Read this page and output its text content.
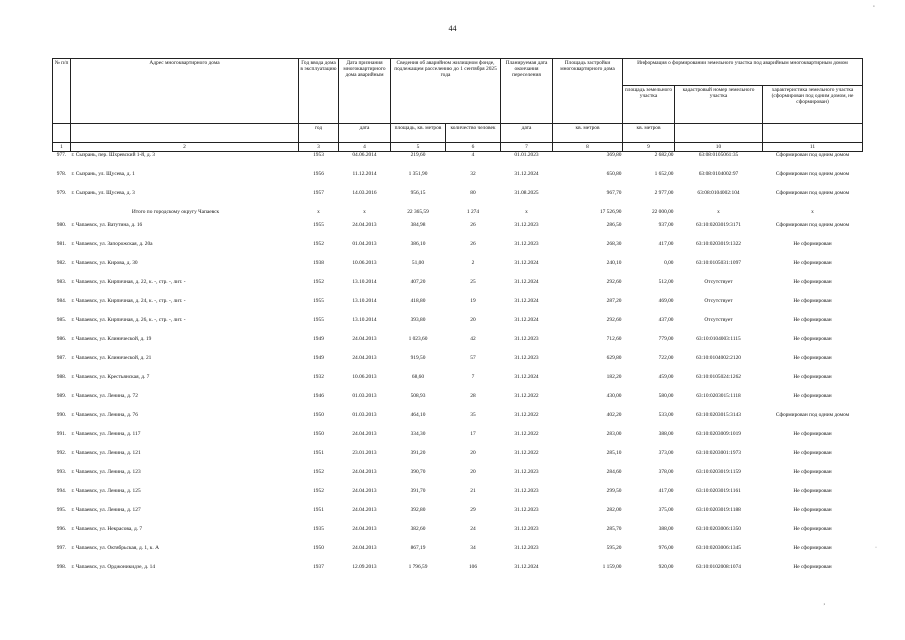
44
◦
·
,
№ п/п	Адрес многоквартирного дома	Год ввода дома в эксплуатацию	Дата признания многоквартирного дома аварийным	Сведения об аварийном жилищном фонде, подлежащем расселению до 1 сентября 2025 года		Планируемая дата окончания переселения	Площадь застройки многоквартирного дома	Информация о формировании земельного участка под аварийным многоквартирным домом		
								площадь земельного участка	кадастровый номер земельного участка	характеристика земельного участка (сформирован под одним домом, не сформирован)
		год	дата	площадь, кв. метров	количество человек	дата	кв. метров	кв. метров		
1	2	3	4	5	6	7	8	9	10	11
977.	г. Сызрань, пер. Шхревский 1-й, д. 3	1953	04.06.2014	219,60	4	01.01.2023	369,80	2 682,00	63:08:0105061:35	Сформирован под одним домом
978.	г. Сызрань, ул. Щусева, д. 1	1956	11.12.2014	1 351,90	32	31.12.2024	650,80	1 652,00	63:08:0104002:97	Сформирован под одним домом
979.	г. Сызрань, ул. Щусева, д. 3	1957	14.03.2016	956,15	80	31.08.2025	967,70	2 977,00	63:08:0104002:104	Сформирован под одним домом
Итого по городскому округу Чапаевск		x	x	22 365,59	1 274	x	17 526,90	22 000,00	x	x
980.	г. Чапаевск, ул. Ватутина, д. 16	1955	24.04.2013	384,98	26	31.12.2023	286,50	937,00	63:10:0203019:3171	Сформирован под одним домом
981.	г. Чапаевск, ул. Запорожская, д. 20а	1952	01.04.2013	386,10	26	31.12.2023	268,30	417,00	63:10:0203019:1322	Не сформирован
982.	г. Чапаевск, ул. Кирова, д. 30	1938	10.06.2013	51,00	2	31.12.2024	240,10	0,00	63:10:0105031:1097	Не сформирован
983.	г. Чапаевск, ул. Кирпичная, д. 22, к. -, стр. -, лит. -	1952	13.10.2014	407,20	25	31.12.2024	292,60	512,00	Отсутствует	Не сформирован
984.	г. Чапаевск, ул. Кирпичная, д. 24, к. -, стр. -, лит. -	1955	13.10.2014	418,80	19	31.12.2024	287,20	469,00	Отсутствует	Не сформирован
985.	г. Чапаевск, ул. Кирпичная, д. 26, к. -, стр. -, лит. -	1955	13.10.2014	393,80	20	31.12.2024	292,60	437,00	Отсутствует	Не сформирован
986.	г. Чапаевск, ул. Клинической, д. 19	1949	24.04.2013	1 023,60	42	31.12.2023	712,60	779,00	63:10:0104003:1115	Не сформирован
987.	г. Чапаевск, ул. Клинической, д. 21	1949	24.04.2013	919,50	57	31.12.2023	629,80	722,00	63:10:0104002:2120	Не сформирован
988.	г. Чапаевск, ул. Крестьянская, д. 7	1932	10.06.2013	68,60	7	31.12.2024	182,20	459,00	63:10:0105024:1262	Не сформирован
989.	г. Чапаевск, ул. Ленина, д. 72	1946	01.03.2013	508,93	28	31.12.2022	430,00	580,00	63:10:0203015:1118	Не сформирован
990.	г. Чапаевск, ул. Ленина, д. 76	1950	01.03.2013	464,10	35	31.12.2022	402,20	533,00	63:10:0203015:3143	Сформирован под одним домом
991.	г. Чапаевск, ул. Ленина, д. 117	1950	24.04.2013	334,30	17	31.12.2022	283,00	388,00	63:10:0203009:1019	Не сформирован
992.	г. Чапаевск, ул. Ленина, д. 121	1951	23.01.2013	391,20	20	31.12.2022	285,10	373,00	63:10:0203001:1973	Не сформирован
993.	г. Чапаевск, ул. Ленина, д. 123	1952	24.04.2013	390,70	20	31.12.2023	284,60	378,00	63:10:0203019:1159	Не сформирован
994.	г. Чапаевск, ул. Ленина, д. 125	1952	24.04.2013	391,70	21	31.12.2023	299,50	417,00	63:10:0203019:1161	Не сформирован
995.	г. Чапаевск, ул. Ленина, д. 127	1951	24.04.2013	392,80	29	31.12.2023	282,00	375,00	63:10:0203019:1188	Не сформирован
996.	г. Чапаевск, ул. Некрасова, д. 7	1935	24.04.2013	382,60	24	31.12.2023	285,70	388,00	63:10:0203006:1350	Не сформирован
997.	г. Чапаевск, ул. Октябрьская, д. 1, к. А	1950	24.04.2013	867,19	34	31.12.2023	595,20	976,00	63:10:0203006:1345	Не сформирован
998.	г. Чапаевск, ул. Орджоникидзе, д. 14	1937	12.09.2013	1 796,59	106	31.12.2024	1 159,00	920,00	63:10:0102008:1074	Не сформирован
